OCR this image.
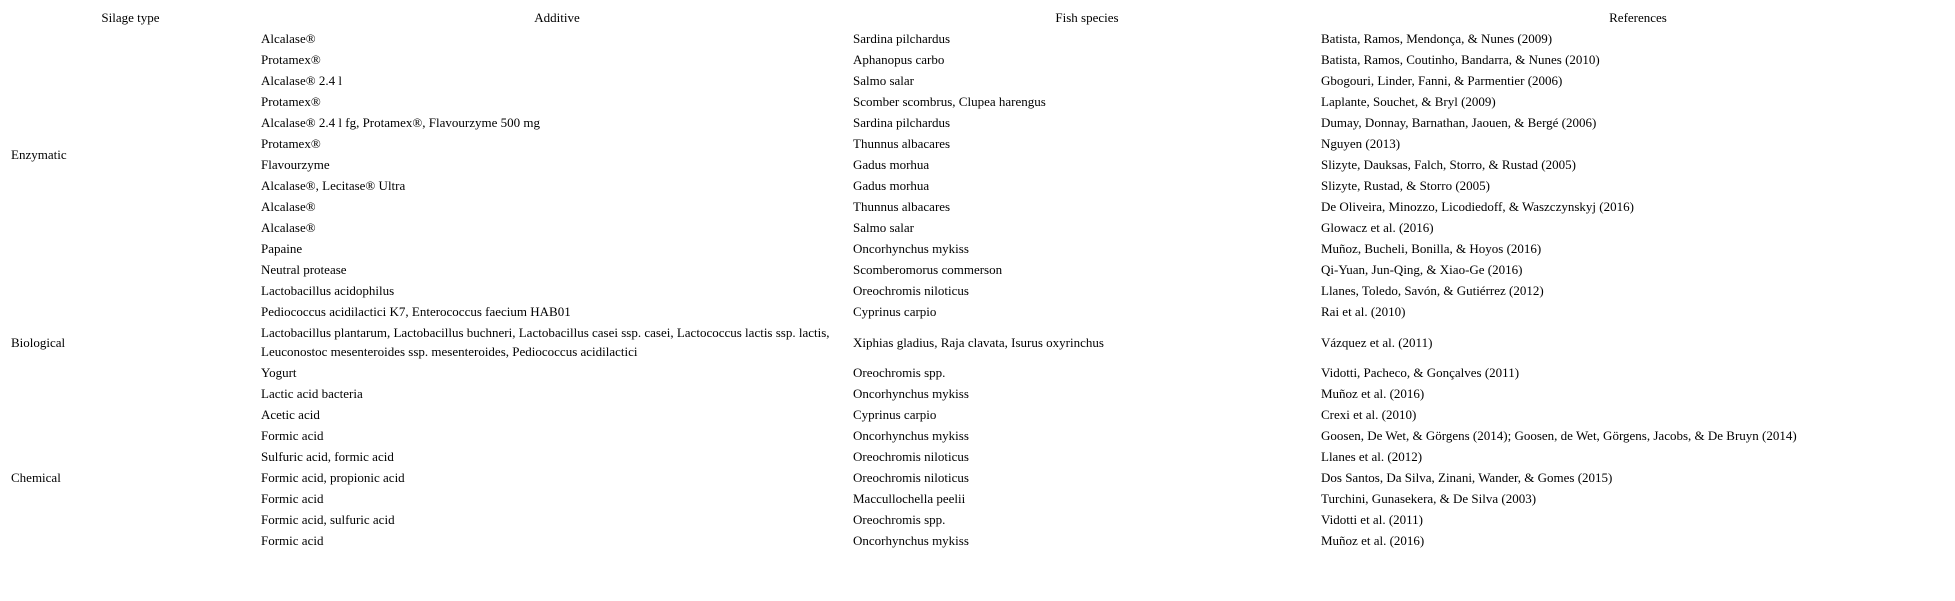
Silage type	Additive	Fish species	References
Enzymatic	Alcalase®	Sardina pilchardus	Batista, Ramos, Mendonça, & Nunes (2009)
	Protamex®	Aphanopus carbo	Batista, Ramos, Coutinho, Bandarra, & Nunes (2010)
	Alcalase® 2.4 l	Salmo salar	Gbogouri, Linder, Fanni, & Parmentier (2006)
	Protamex®	Scomber scombrus, Clupea harengus	Laplante, Souchet, & Bryl (2009)
	Alcalase® 2.4 l fg, Protamex®, Flavourzyme 500 mg	Sardina pilchardus	Dumay, Donnay, Barnathan, Jaouen, & Bergé (2006)
	Protamex®	Thunnus albacares	Nguyen (2013)
	Flavourzyme	Gadus morhua	Slizyte, Dauksas, Falch, Storro, & Rustad (2005)
	Alcalase®, Lecitase® Ultra	Gadus morhua	Slizyte, Rustad, & Storro (2005)
	Alcalase®	Thunnus albacares	De Oliveira, Minozzo, Licodiedoff, & Waszczynskyj (2016)
	Alcalase®	Salmo salar	Glowacz et al. (2016)
	Papaine	Oncorhynchus mykiss	Muñoz, Bucheli, Bonilla, & Hoyos (2016)
	Neutral protease	Scomberomorus commerson	Qi-Yuan, Jun-Qing, & Xiao-Ge (2016)
Biological	Lactobacillus acidophilus	Oreochromis niloticus	Llanes, Toledo, Savón, & Gutiérrez (2012)
	Pediococcus acidilactici K7, Enterococcus faecium HAB01	Cyprinus carpio	Rai et al. (2010)
	Lactobacillus plantarum, Lactobacillus buchneri, Lactobacillus casei ssp. casei, Lactococcus lactis ssp. lactis, Leuconostoc mesenteroides ssp. mesenteroides, Pediococcus acidilactici	Xiphias gladius, Raja clavata, Isurus oxyrinchus	Vázquez et al. (2011)
	Yogurt	Oreochromis spp.	Vidotti, Pacheco, & Gonçalves (2011)
	Lactic acid bacteria	Oncorhynchus mykiss	Muñoz et al. (2016)
Chemical	Acetic acid	Cyprinus carpio	Crexi et al. (2010)
	Formic acid	Oncorhynchus mykiss	Goosen, De Wet, & Görgens (2014); Goosen, de Wet, Görgens, Jacobs, & De Bruyn (2014)
	Sulfuric acid, formic acid	Oreochromis niloticus	Llanes et al. (2012)
	Formic acid, propionic acid	Oreochromis niloticus	Dos Santos, Da Silva, Zinani, Wander, & Gomes (2015)
	Formic acid	Maccullochella peelii	Turchini, Gunasekera, & De Silva (2003)
	Formic acid, sulfuric acid	Oreochromis spp.	Vidotti et al. (2011)
	Formic acid	Oncorhynchus mykiss	Muñoz et al. (2016)
